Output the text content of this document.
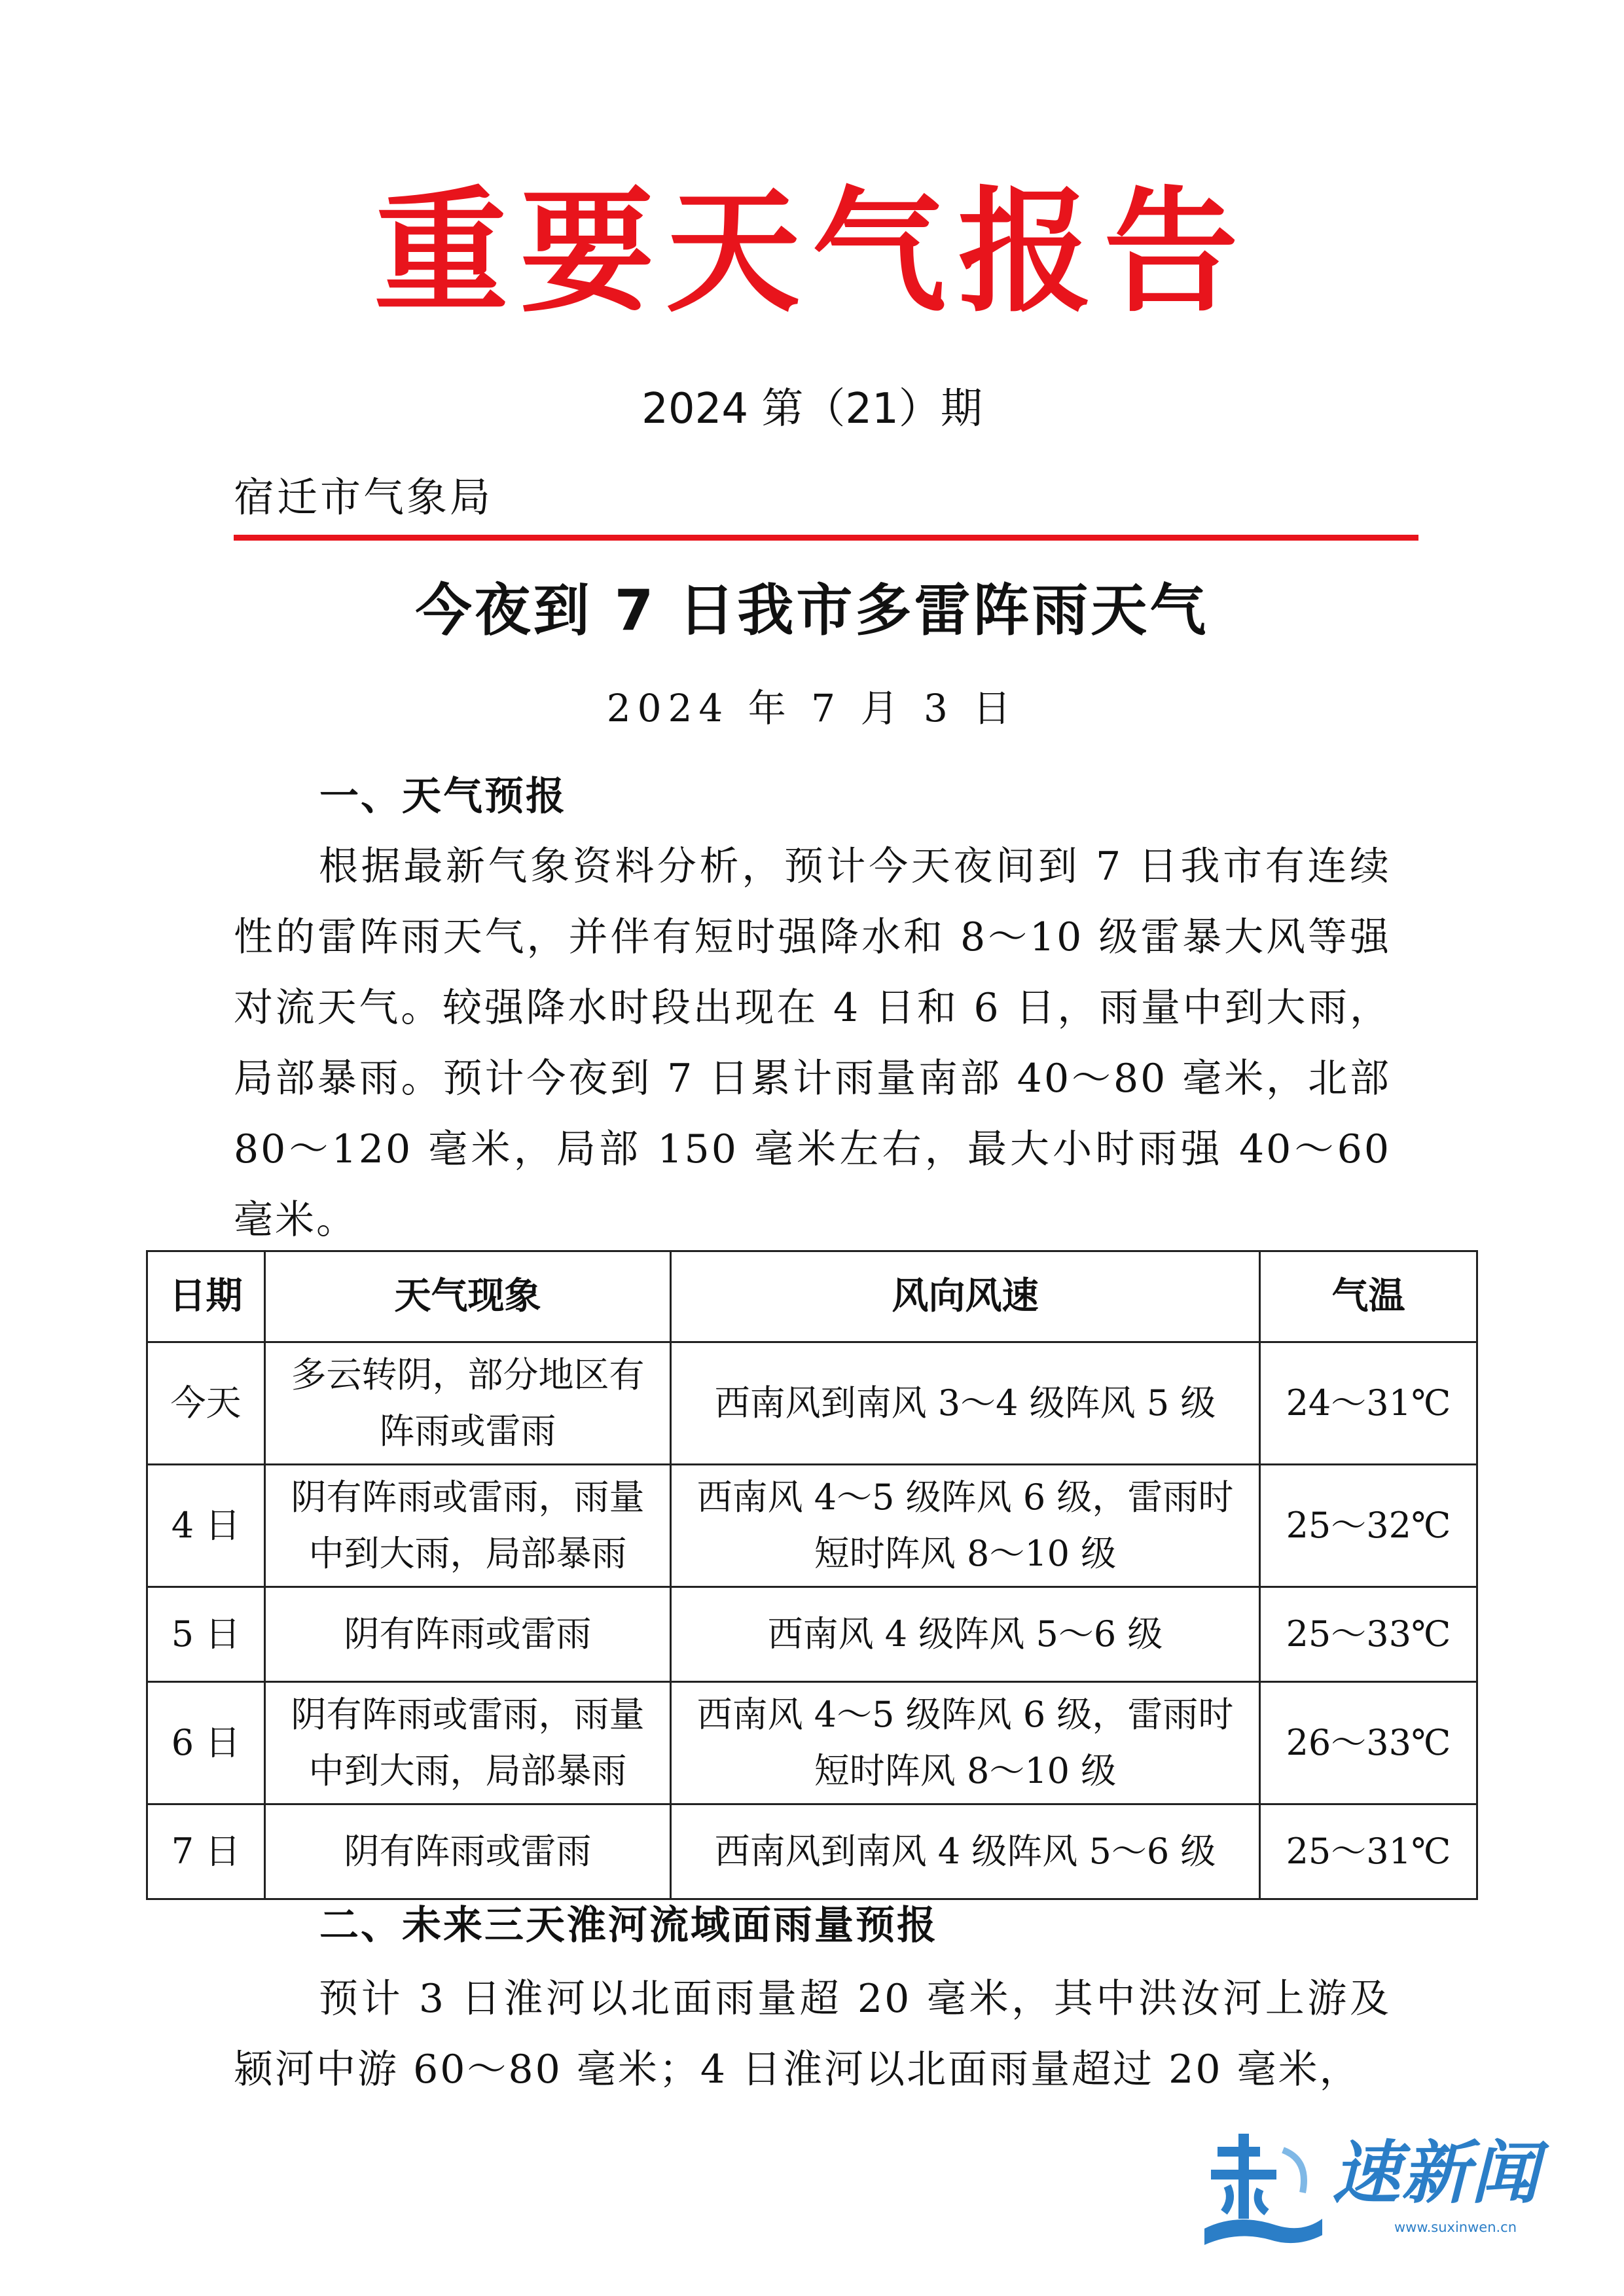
重要天气报告
2024 第（21）期
宿迁市气象局
今夜到 7 日我市多雷阵雨天气
2024 年 7 月 3 日
一、天气预报

根据最新气象资料分析，预计今天夜间到 7 日我市有连续性的雷阵雨天气，并伴有短时强降水和 8～10 级雷暴大风等强对流天气。较强降水时段出现在 4 日和 6 日，雨量中到大雨，局部暴雨。预计今夜到 7 日累计雨量南部 40～80 毫米，北部 80～120 毫米，局部 150 毫米左右，最大小时雨强 40～60 毫米。

日期	天气现象	风向风速	气温
今天	多云转阴，部分地区有阵雨或雷雨	西南风到南风 3～4 级阵风 5 级	24～31℃
4 日	阴有阵雨或雷雨，雨量中到大雨，局部暴雨	西南风 4～5 级阵风 6 级，雷雨时短时阵风 8～10 级	25～32℃
5 日	阴有阵雨或雷雨	西南风 4 级阵风 5～6 级	25～33℃
6 日	阴有阵雨或雷雨，雨量中到大雨，局部暴雨	西南风 4～5 级阵风 6 级，雷雨时短时阵风 8～10 级	26～33℃
7 日	阴有阵雨或雷雨	西南风到南风 4 级阵风 5～6 级	25～31℃
二、未来三天淮河流域面雨量预报

预计 3 日淮河以北面雨量超 20 毫米，其中洪汝河上游及颍河中游 60～80 毫米；4 日淮河以北面雨量超过 20 毫米，

速新闻
www.suxinwen.cn
